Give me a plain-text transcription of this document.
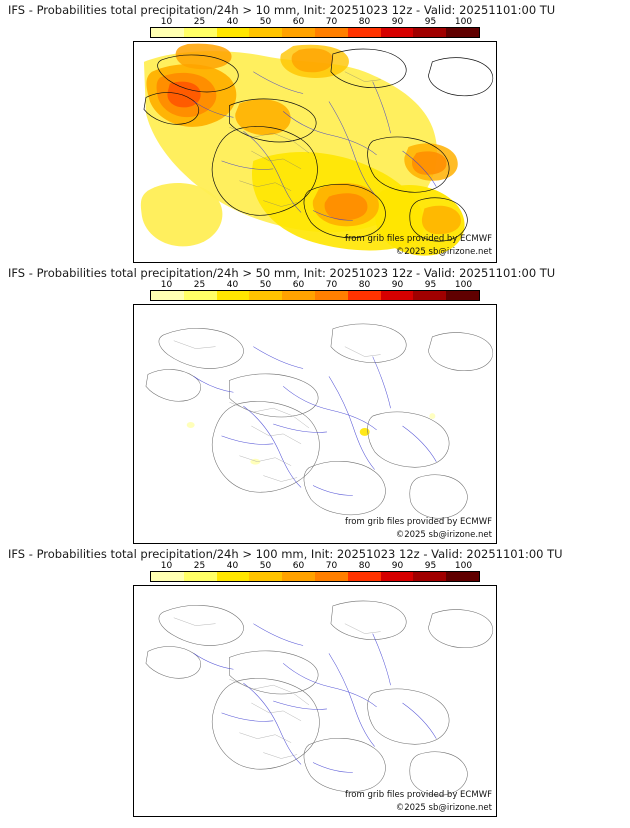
IFS - Probabilities total precipitation/24h > 10 mm, Init: 20251023 12z - Valid: 20251101:00 TU
10 25 40 50 60 70 80 90 95 100
from grib files provided by ECMWF
©2025 sb@irizone.net
IFS - Probabilities total precipitation/24h > 50 mm, Init: 20251023 12z - Valid: 20251101:00 TU
10 25 40 50 60 70 80 90 95 100
from grib files provided by ECMWF
©2025 sb@irizone.net
IFS - Probabilities total precipitation/24h > 100 mm, Init: 20251023 12z - Valid: 20251101:00 TU
10 25 40 50 60 70 80 90 95 100
from grib files provided by ECMWF
©2025 sb@irizone.net
